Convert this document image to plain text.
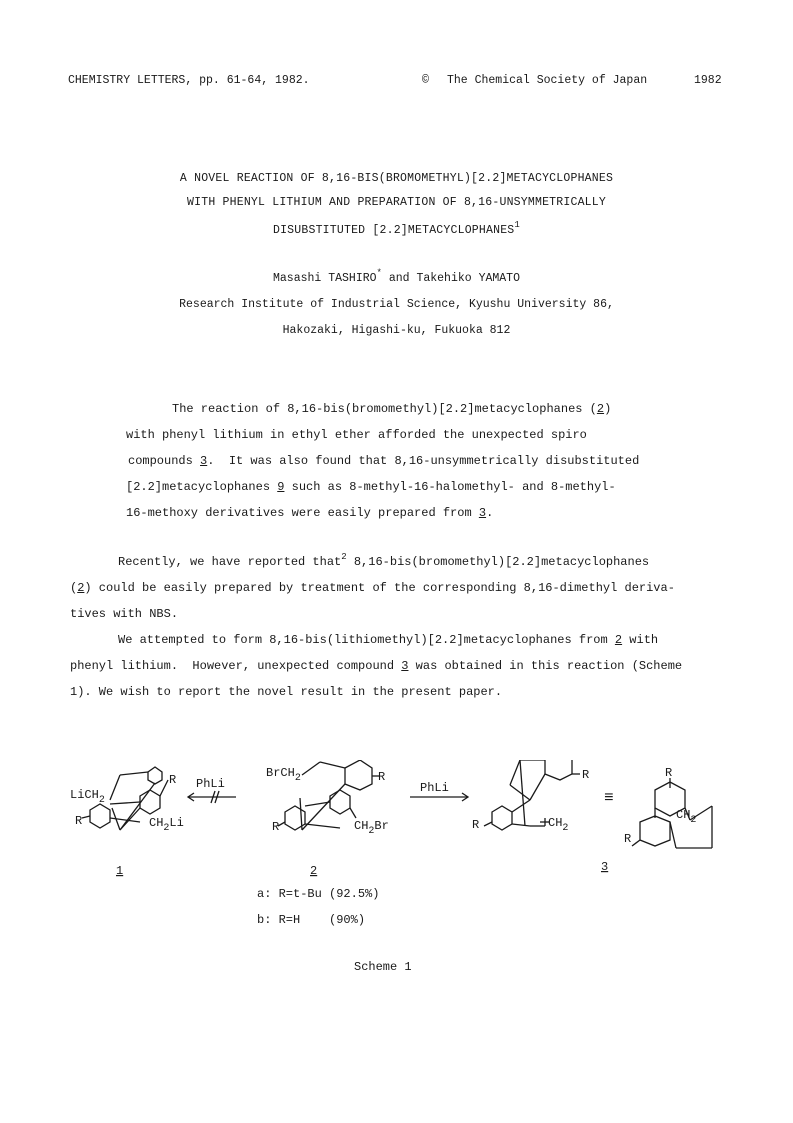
CHEMISTRY LETTERS, pp. 61-64, 1982.	© The Chemical Society of Japan	1982
A NOVEL REACTION OF 8,16-BIS(BROMOMETHYL)[2.2]METACYCLOPHANES
WITH PHENYL LITHIUM AND PREPARATION OF 8,16-UNSYMMETRICALLY
DISUBSTITUTED [2.2]METACYCLOPHANES$^1$
Masashi TASHIRO* and Takehiko YAMATO
Research Institute of Industrial Science, Kyushu University 86,
Hakozaki, Higashi-ku, Fukuoka 812
The reaction of 8,16-bis(bromomethyl)[2.2]metacyclophanes (2)
with phenyl lithium in ethyl ether afforded the unexpected spiro
compounds 3.  It was also found that 8,16-unsymmetrically disubstituted
[2.2]metacyclophanes 9 such as 8-methyl-16-halomethyl- and 8-methyl-
16-methoxy derivatives were easily prepared from 3.
Recently, we have reported that$^2$ 8,16-bis(bromomethyl)[2.2]metacyclophanes
(2) could be easily prepared by treatment of the corresponding 8,16-dimethyl deriva-
tives with NBS.
We attempted to form 8,16-bis(lithiomethyl)[2.2]metacyclophanes from 2 with
phenyl lithium.  However, unexpected compound 3 was obtained in this reaction (Scheme
1). We wish to report the novel result in the present paper.
LiCH$_2$
R
R	$CH_2Li$
PhLi
BrCH$_2$	R
R	$CH_2Br$
PhLi
R
R	$CH_2$
≡
R
R
$CH_2$
1	2	3
a: R=t-Bu (92.5%)
b: R=H    (90%)
Scheme 1
